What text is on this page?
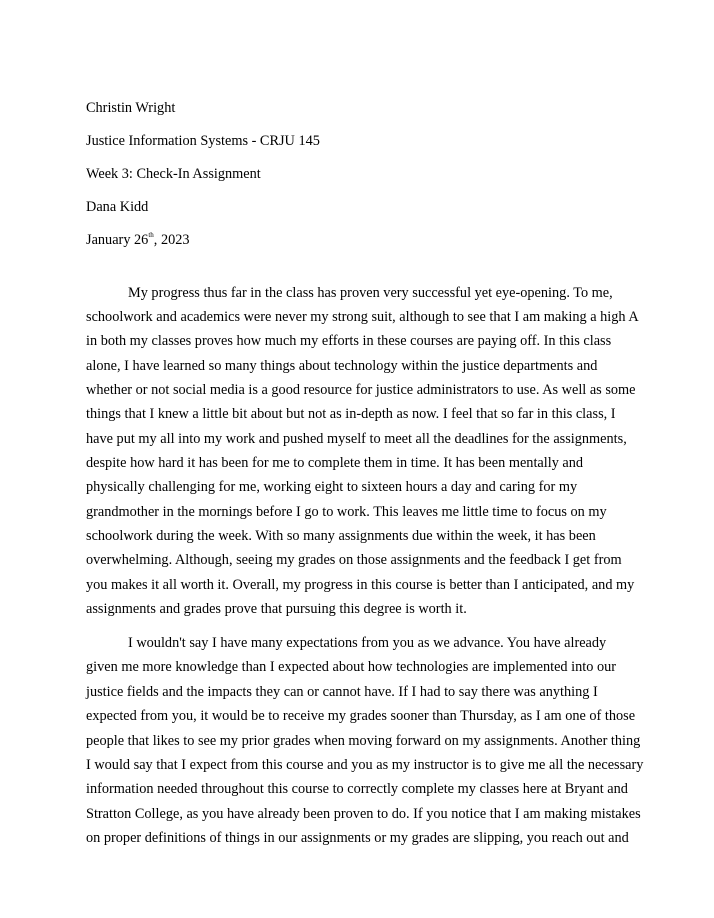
Christin Wright
Justice Information Systems - CRJU 145
Week 3: Check-In Assignment
Dana Kidd
January 26th, 2023
My progress thus far in the class has proven very successful yet eye-opening. To me,
schoolwork and academics were never my strong suit, although to see that I am making a high A
in both my classes proves how much my efforts in these courses are paying off. In this class
alone, I have learned so many things about technology within the justice departments and
whether or not social media is a good resource for justice administrators to use. As well as some
things that I knew a little bit about but not as in-depth as now. I feel that so far in this class, I
have put my all into my work and pushed myself to meet all the deadlines for the assignments,
despite how hard it has been for me to complete them in time. It has been mentally and
physically challenging for me, working eight to sixteen hours a day and caring for my
grandmother in the mornings before I go to work. This leaves me little time to focus on my
schoolwork during the week. With so many assignments due within the week, it has been
overwhelming. Although, seeing my grades on those assignments and the feedback I get from
you makes it all worth it. Overall, my progress in this course is better than I anticipated, and my
assignments and grades prove that pursuing this degree is worth it.
I wouldn't say I have many expectations from you as we advance. You have already
given me more knowledge than I expected about how technologies are implemented into our
justice fields and the impacts they can or cannot have. If I had to say there was anything I
expected from you, it would be to receive my grades sooner than Thursday, as I am one of those
people that likes to see my prior grades when moving forward on my assignments. Another thing
I would say that I expect from this course and you as my instructor is to give me all the necessary
information needed throughout this course to correctly complete my classes here at Bryant and
Stratton College, as you have already been proven to do. If you notice that I am making mistakes
on proper definitions of things in our assignments or my grades are slipping, you reach out and
